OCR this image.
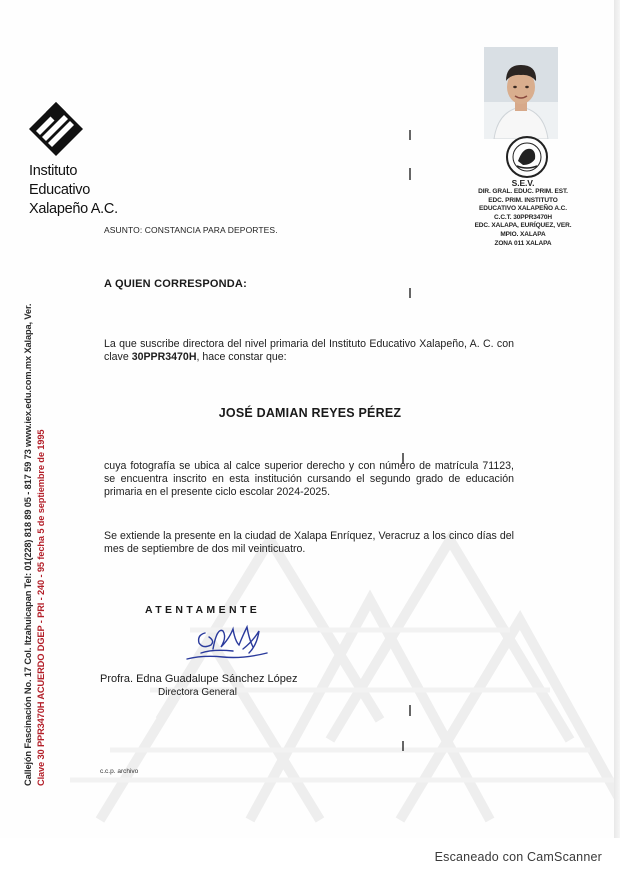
Instituto
Educativo
Xalapeño A.C.
ASUNTO: CONSTANCIA PARA DEPORTES.
S.E.V.
DIR. GRAL. EDUC. PRIM. EST.
EDC. PRIM. INSTITUTO
EDUCATIVO XALAPEÑO A.C.
C.C.T. 30PPR3470H
EDC. XALAPA, EURÍQUEZ, VER.
MPIO. XALAPA
ZONA 011 XALAPA
A QUIEN CORRESPONDA:
La que suscribe directora del nivel primaria del Instituto Educativo Xalapeño, A. C. con clave 30PPR3470H, hace constar que:
JOSÉ DAMIAN REYES PÉREZ
cuya fotografía se ubica al calce superior derecho y con número de matrícula 71123, se encuentra inscrito en esta institución cursando el segundo grado de educación primaria en el presente ciclo escolar 2024-2025.
Se extiende la presente en la ciudad de Xalapa Enríquez, Veracruz a los cinco días del mes de septiembre de dos mil veinticuatro.
ATENTAMENTE
Profra. Edna Guadalupe Sánchez López
Directora General
c.c.p. archivo
Callejón Fascinación No. 17 Col. Itzahuicapan Tel: 01(228) 818 89 05 - 817 59 73 www.iex.edu.com.mx Xalapa, Ver. Clave 30 PPR3470H ACUERDO DGEP - PRI - 240 - 95 fecha 5 de septiembre de 1995
Escaneado con CamScanner
